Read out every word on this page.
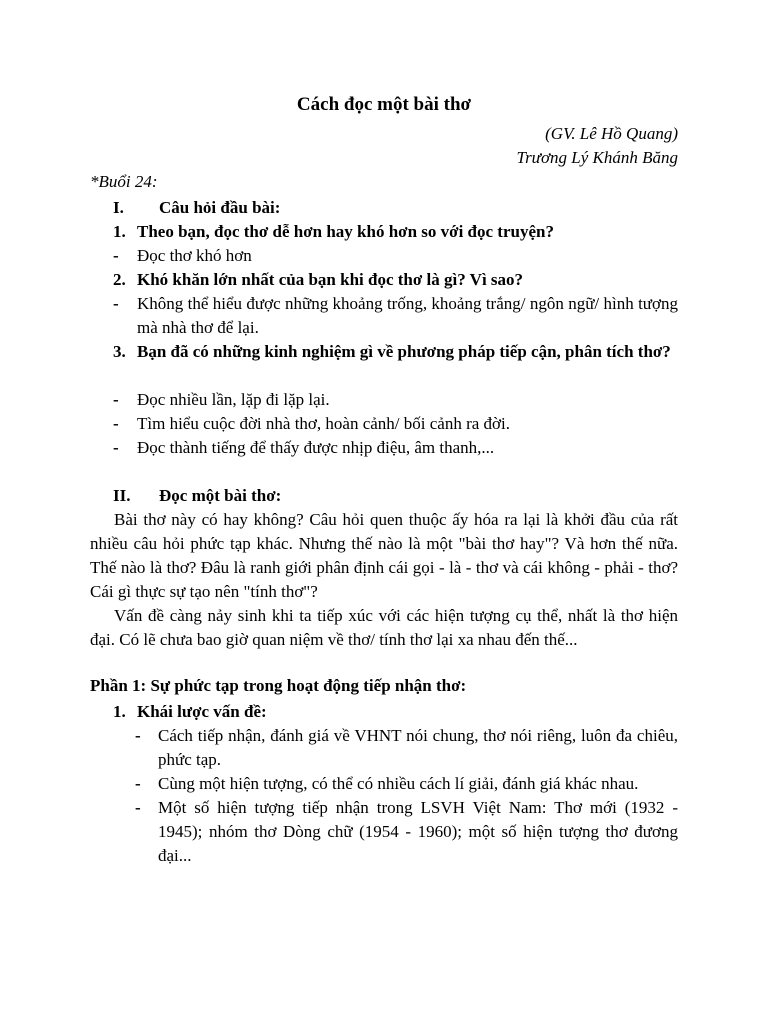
Cách đọc một bài thơ
(GV. Lê Hồ Quang)
Trương Lý Khánh Băng
*Buổi 24:
I. Câu hỏi đầu bài:
1. Theo bạn, đọc thơ dễ hơn hay khó hơn so với đọc truyện?
- Đọc thơ khó hơn
2. Khó khăn lớn nhất của bạn khi đọc thơ là gì? Vì sao?
- Không thể hiểu được những khoảng trống, khoảng trắng/ ngôn ngữ/ hình tượng mà nhà thơ để lại.
3. Bạn đã có những kinh nghiệm gì về phương pháp tiếp cận, phân tích thơ?
- Đọc nhiều lần, lặp đi lặp lại.
- Tìm hiểu cuộc đời nhà thơ, hoàn cảnh/ bối cảnh ra đời.
- Đọc thành tiếng để thấy được nhịp điệu, âm thanh,...
II. Đọc một bài thơ:
Bài thơ này có hay không? Câu hỏi quen thuộc ấy hóa ra lại là khởi đầu của rất nhiều câu hỏi phức tạp khác. Nhưng thế nào là một "bài thơ hay"? Và hơn thế nữa. Thế nào là thơ? Đâu là ranh giới phân định cái gọi - là - thơ và cái không - phải - thơ? Cái gì thực sự tạo nên "tính thơ"?
Vấn đề càng nảy sinh khi ta tiếp xúc với các hiện tượng cụ thể, nhất là thơ hiện đại. Có lẽ chưa bao giờ quan niệm về thơ/ tính thơ lại xa nhau đến thế...
Phần 1: Sự phức tạp trong hoạt động tiếp nhận thơ:
1. Khái lược vấn đề:
- Cách tiếp nhận, đánh giá về VHNT nói chung, thơ nói riêng, luôn đa chiêu, phức tạp.
- Cùng một hiện tượng, có thể có nhiều cách lí giải, đánh giá khác nhau.
- Một số hiện tượng tiếp nhận trong LSVH Việt Nam: Thơ mới (1932 - 1945); nhóm thơ Dòng chữ (1954 - 1960); một số hiện tượng thơ đương đại...
